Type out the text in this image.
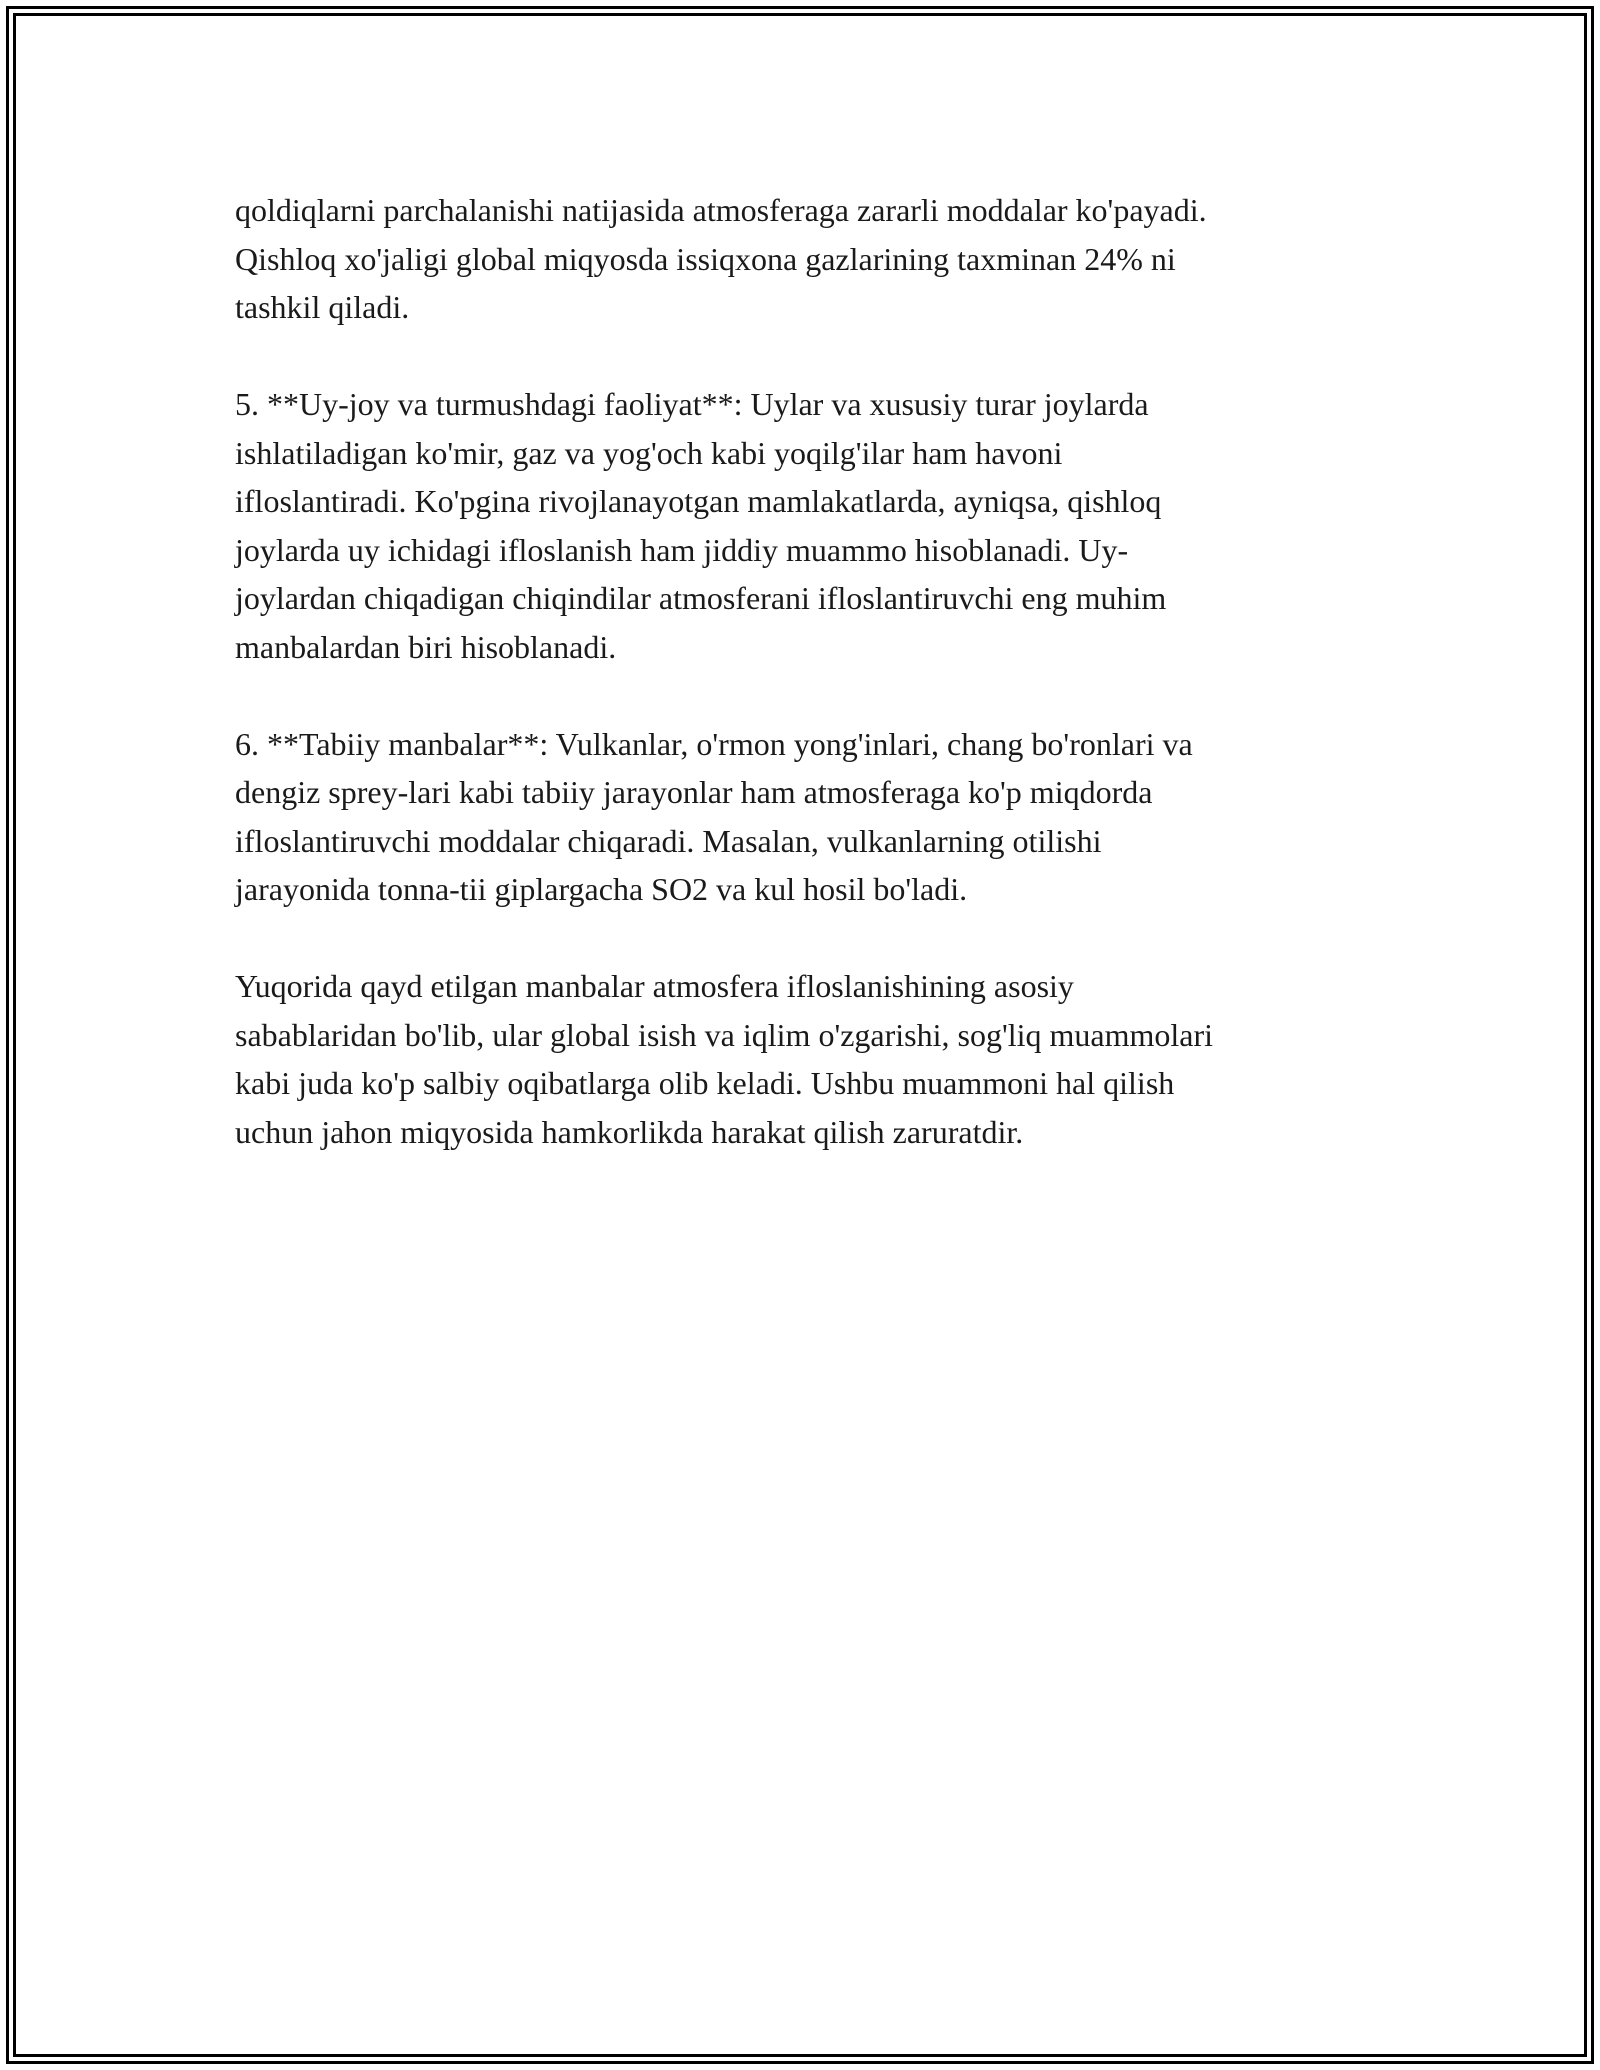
qoldiqlarni parchalanishi natijasida atmosferaga zararli moddalar ko'payadi.
Qishloq xo'jaligi global miqyosda issiqxona gazlarining taxminan 24% ni
tashkil qiladi.

5. **Uy-joy va turmushdagi faoliyat**: Uylar va xususiy turar joylarda
ishlatiladigan ko'mir, gaz va yog'och kabi yoqilg'ilar ham havoni
ifloslantiradi. Ko'pgina rivojlanayotgan mamlakatlarda, ayniqsa, qishloq
joylarda uy ichidagi ifloslanish ham jiddiy muammo hisoblanadi. Uy-
joylardan chiqadigan chiqindilar atmosferani ifloslantiruvchi eng muhim
manbalardan biri hisoblanadi.

6. **Tabiiy manbalar**: Vulkanlar, o'rmon yong'inlari, chang bo'ronlari va
dengiz sprey-lari kabi tabiiy jarayonlar ham atmosferaga ko'p miqdorda
ifloslantiruvchi moddalar chiqaradi. Masalan, vulkanlarning otilishi
jarayonida tonna-tii giplargacha SO2 va kul hosil bo'ladi.

Yuqorida qayd etilgan manbalar atmosfera ifloslanishining asosiy
sabablaridan bo'lib, ular global isish va iqlim o'zgarishi, sog'liq muammolari
kabi juda ko'p salbiy oqibatlarga olib keladi. Ushbu muammoni hal qilish
uchun jahon miqyosida hamkorlikda harakat qilish zaruratdir.
